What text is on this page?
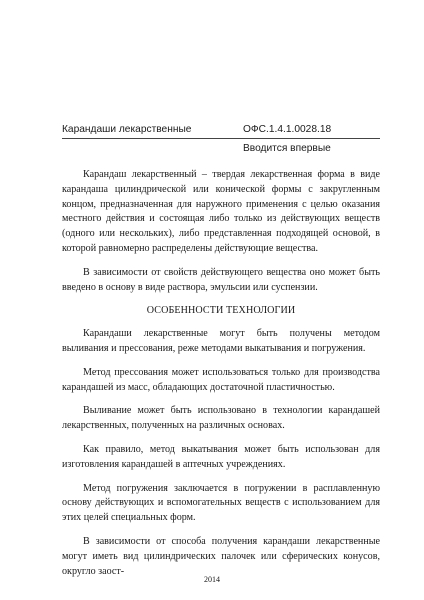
Карандаши лекарственные	ОФС.1.4.1.0028.18
Вводится впервые

Карандаш лекарственный – твердая лекарственная форма в виде карандаша цилиндрической или конической формы с закругленным концом, предназначенная для наружного применения с целью оказания местного действия и состоящая либо только из действующих веществ (одного или нескольких), либо представленная подходящей основой, в которой равномерно распределены действующие вещества.

В зависимости от свойств действующего вещества оно может быть введено в основу в виде раствора, эмульсии или суспензии.

ОСОБЕННОСТИ ТЕХНОЛОГИИ

Карандаши лекарственные могут быть получены методом выливания и прессования, реже методами выкатывания и погружения.

Метод прессования может использоваться только для производства карандашей из масс, обладающих достаточной пластичностью.

Выливание может быть использовано в технологии карандашей лекарственных, полученных на различных основах.

Как правило, метод выкатывания может быть использован для изготовления карандашей в аптечных учреждениях.

Метод погружения заключается в погружении в расплавленную основу действующих и вспомогательных веществ с использованием для этих целей специальных форм.

В зависимости от способа получения карандаши лекарственные могут иметь вид цилиндрических палочек или сферических конусов, округло заост-

2014
